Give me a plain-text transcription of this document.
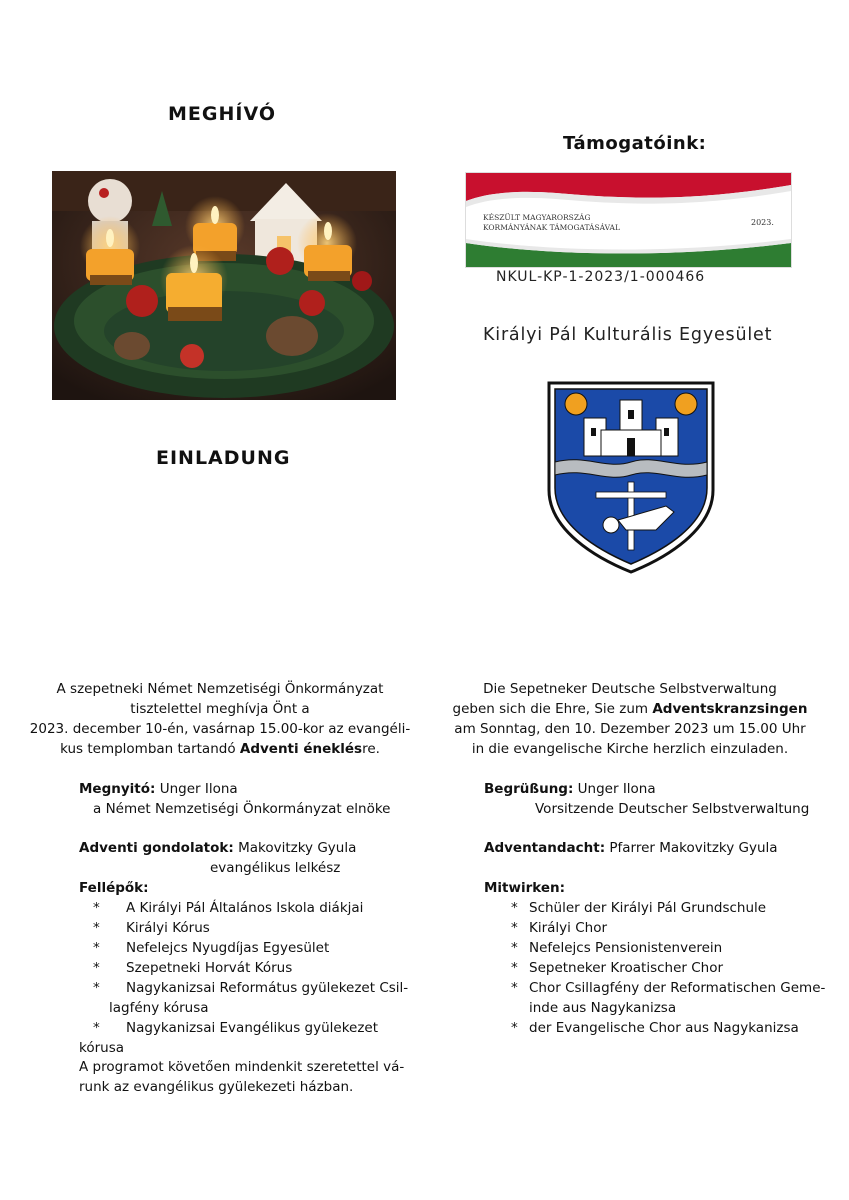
MEGHÍVÓ
EINLADUNG
Támogatóink:
KÉSZÜLT MAGYARORSZÁG
KORMÁNYÁNAK TÁMOGATÁSÁVAL
2023.
NKUL-KP-1-2023/1-000466
Királyi Pál Kulturális Egyesület
A szepetneki Német Nemzetiségi Önkormányzat
tisztelettel meghívja Önt a
2023. december 10-én, vasárnap 15.00-kor az evangéli-
kus templomban tartandó Adventi éneklésre.
Megnyitó: Unger Ilona
a Német Nemzetiségi Önkormányzat elnöke
Adventi gondolatok: Makovitzky Gyula
evangélikus lelkész
Fellépők:
* A Királyi Pál Általános Iskola diákjai
* Királyi Kórus
* Nefelejcs Nyugdíjas Egyesület
* Szepetneki Horvát Kórus
* Nagykanizsai Református gyülekezet Csil-
lagfény kórusa
* Nagykanizsai Evangélikus gyülekezet kórusa
A programot követően mindenkit szeretettel vá-
runk az evangélikus gyülekezeti házban.
Die Sepetneker Deutsche Selbstverwaltung
geben sich die Ehre, Sie zum Adventskranzsingen
am Sonntag, den 10. Dezember 2023 um 15.00 Uhr
in die evangelische Kirche herzlich einzuladen.
Begrüßung: Unger Ilona
Vorsitzende Deutscher Selbstverwaltung
Adventandacht: Pfarrer Makovitzky Gyula
Mitwirken:
* Schüler der Királyi Pál Grundschule
* Királyi Chor
* Nefelejcs Pensionistenverein
* Sepetneker Kroatischer Chor
* Chor Csillagfény der Reformatischen Geme-
inde aus Nagykanizsa
* der Evangelische Chor aus Nagykanizsa
